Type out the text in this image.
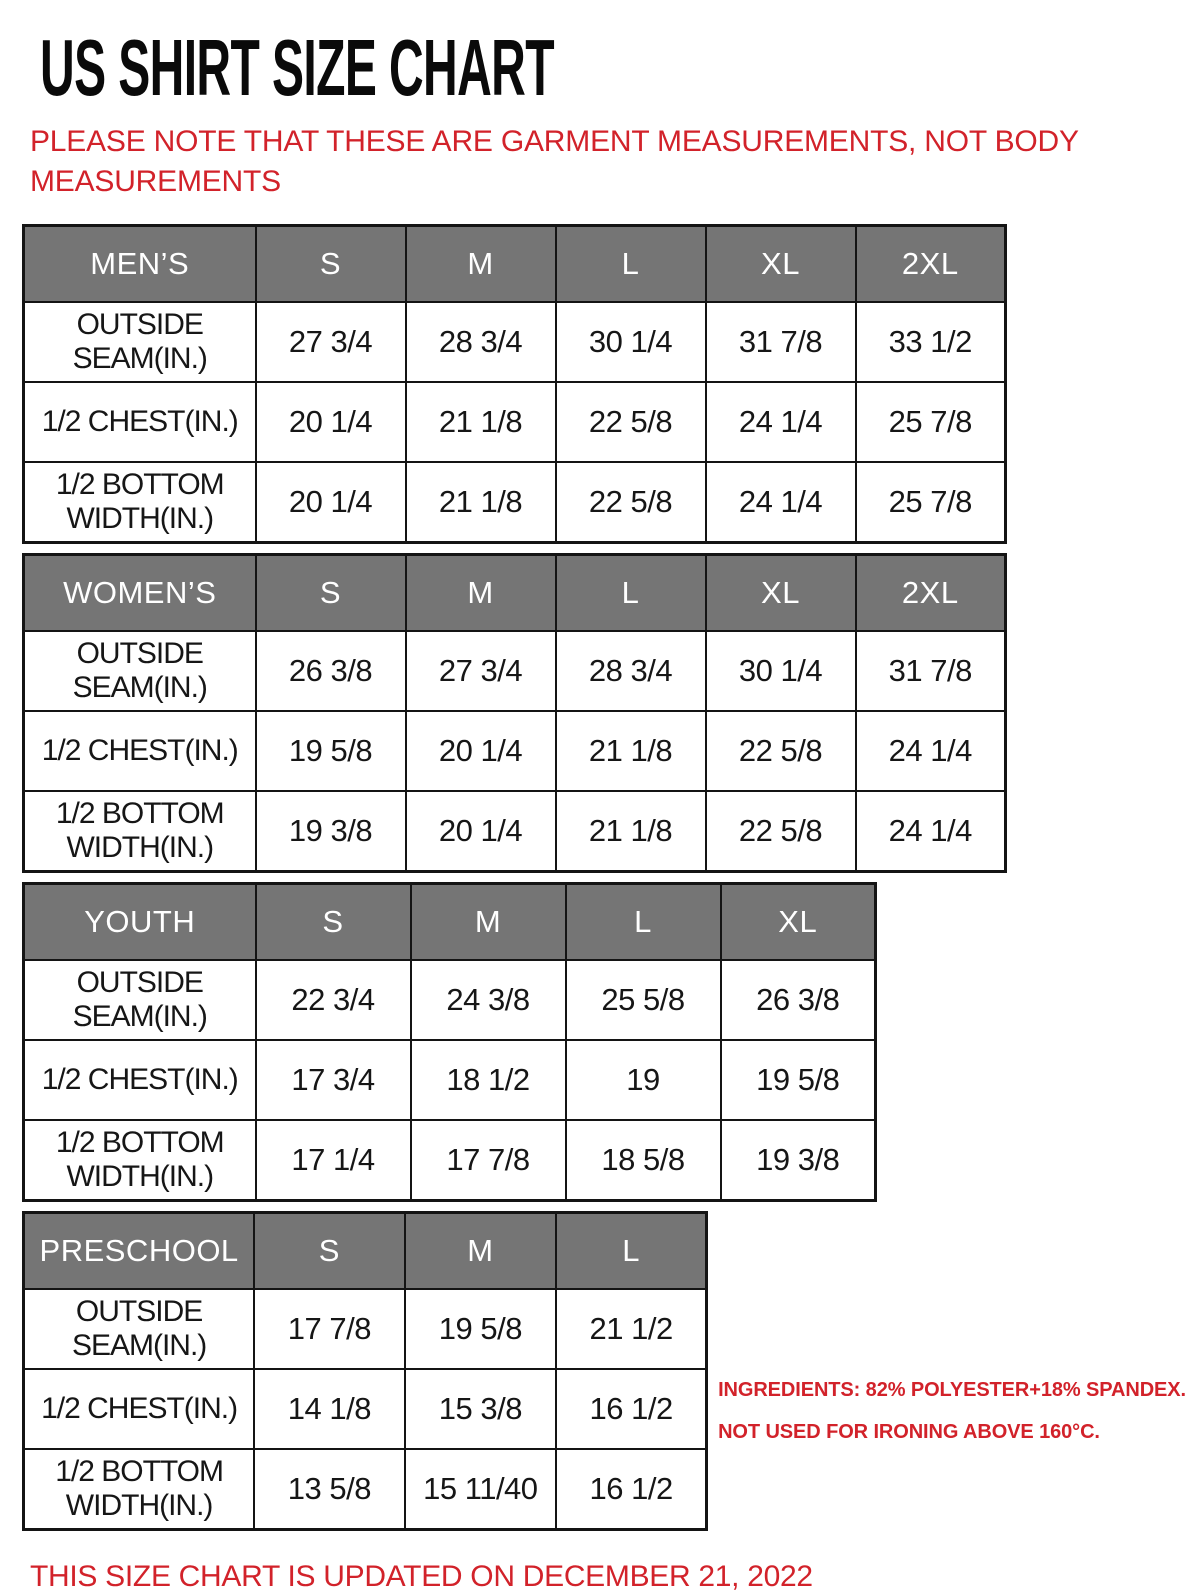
US SHIRT SIZE CHART
PLEASE NOTE THAT THESE ARE GARMENT MEASUREMENTS, NOT BODY MEASUREMENTS
MEN’S	S	M	L	XL	2XL
OUTSIDE SEAM(IN.)	27 3/4	28 3/4	30 1/4	31 7/8	33 1/2
1/2 CHEST(IN.)	20 1/4	21 1/8	22 5/8	24 1/4	25 7/8
1/2 BOTTOM WIDTH(IN.)	20 1/4	21 1/8	22 5/8	24 1/4	25 7/8
WOMEN’S	S	M	L	XL	2XL
OUTSIDE SEAM(IN.)	26 3/8	27 3/4	28 3/4	30 1/4	31 7/8
1/2 CHEST(IN.)	19 5/8	20 1/4	21 1/8	22 5/8	24 1/4
1/2 BOTTOM WIDTH(IN.)	19 3/8	20 1/4	21 1/8	22 5/8	24 1/4
YOUTH	S	M	L	XL
OUTSIDE SEAM(IN.)	22 3/4	24 3/8	25 5/8	26 3/8
1/2 CHEST(IN.)	17 3/4	18 1/2	19	19 5/8
1/2 BOTTOM WIDTH(IN.)	17 1/4	17 7/8	18 5/8	19 3/8
PRESCHOOL	S	M	L
OUTSIDE SEAM(IN.)	17 7/8	19 5/8	21 1/2
1/2 CHEST(IN.)	14 1/8	15 3/8	16 1/2
1/2 BOTTOM WIDTH(IN.)	13 5/8	15 11/40	16 1/2
INGREDIENTS: 82% POLYESTER+18% SPANDEX.
NOT USED FOR IRONING ABOVE 160°C.
THIS SIZE CHART IS UPDATED ON DECEMBER 21, 2022
